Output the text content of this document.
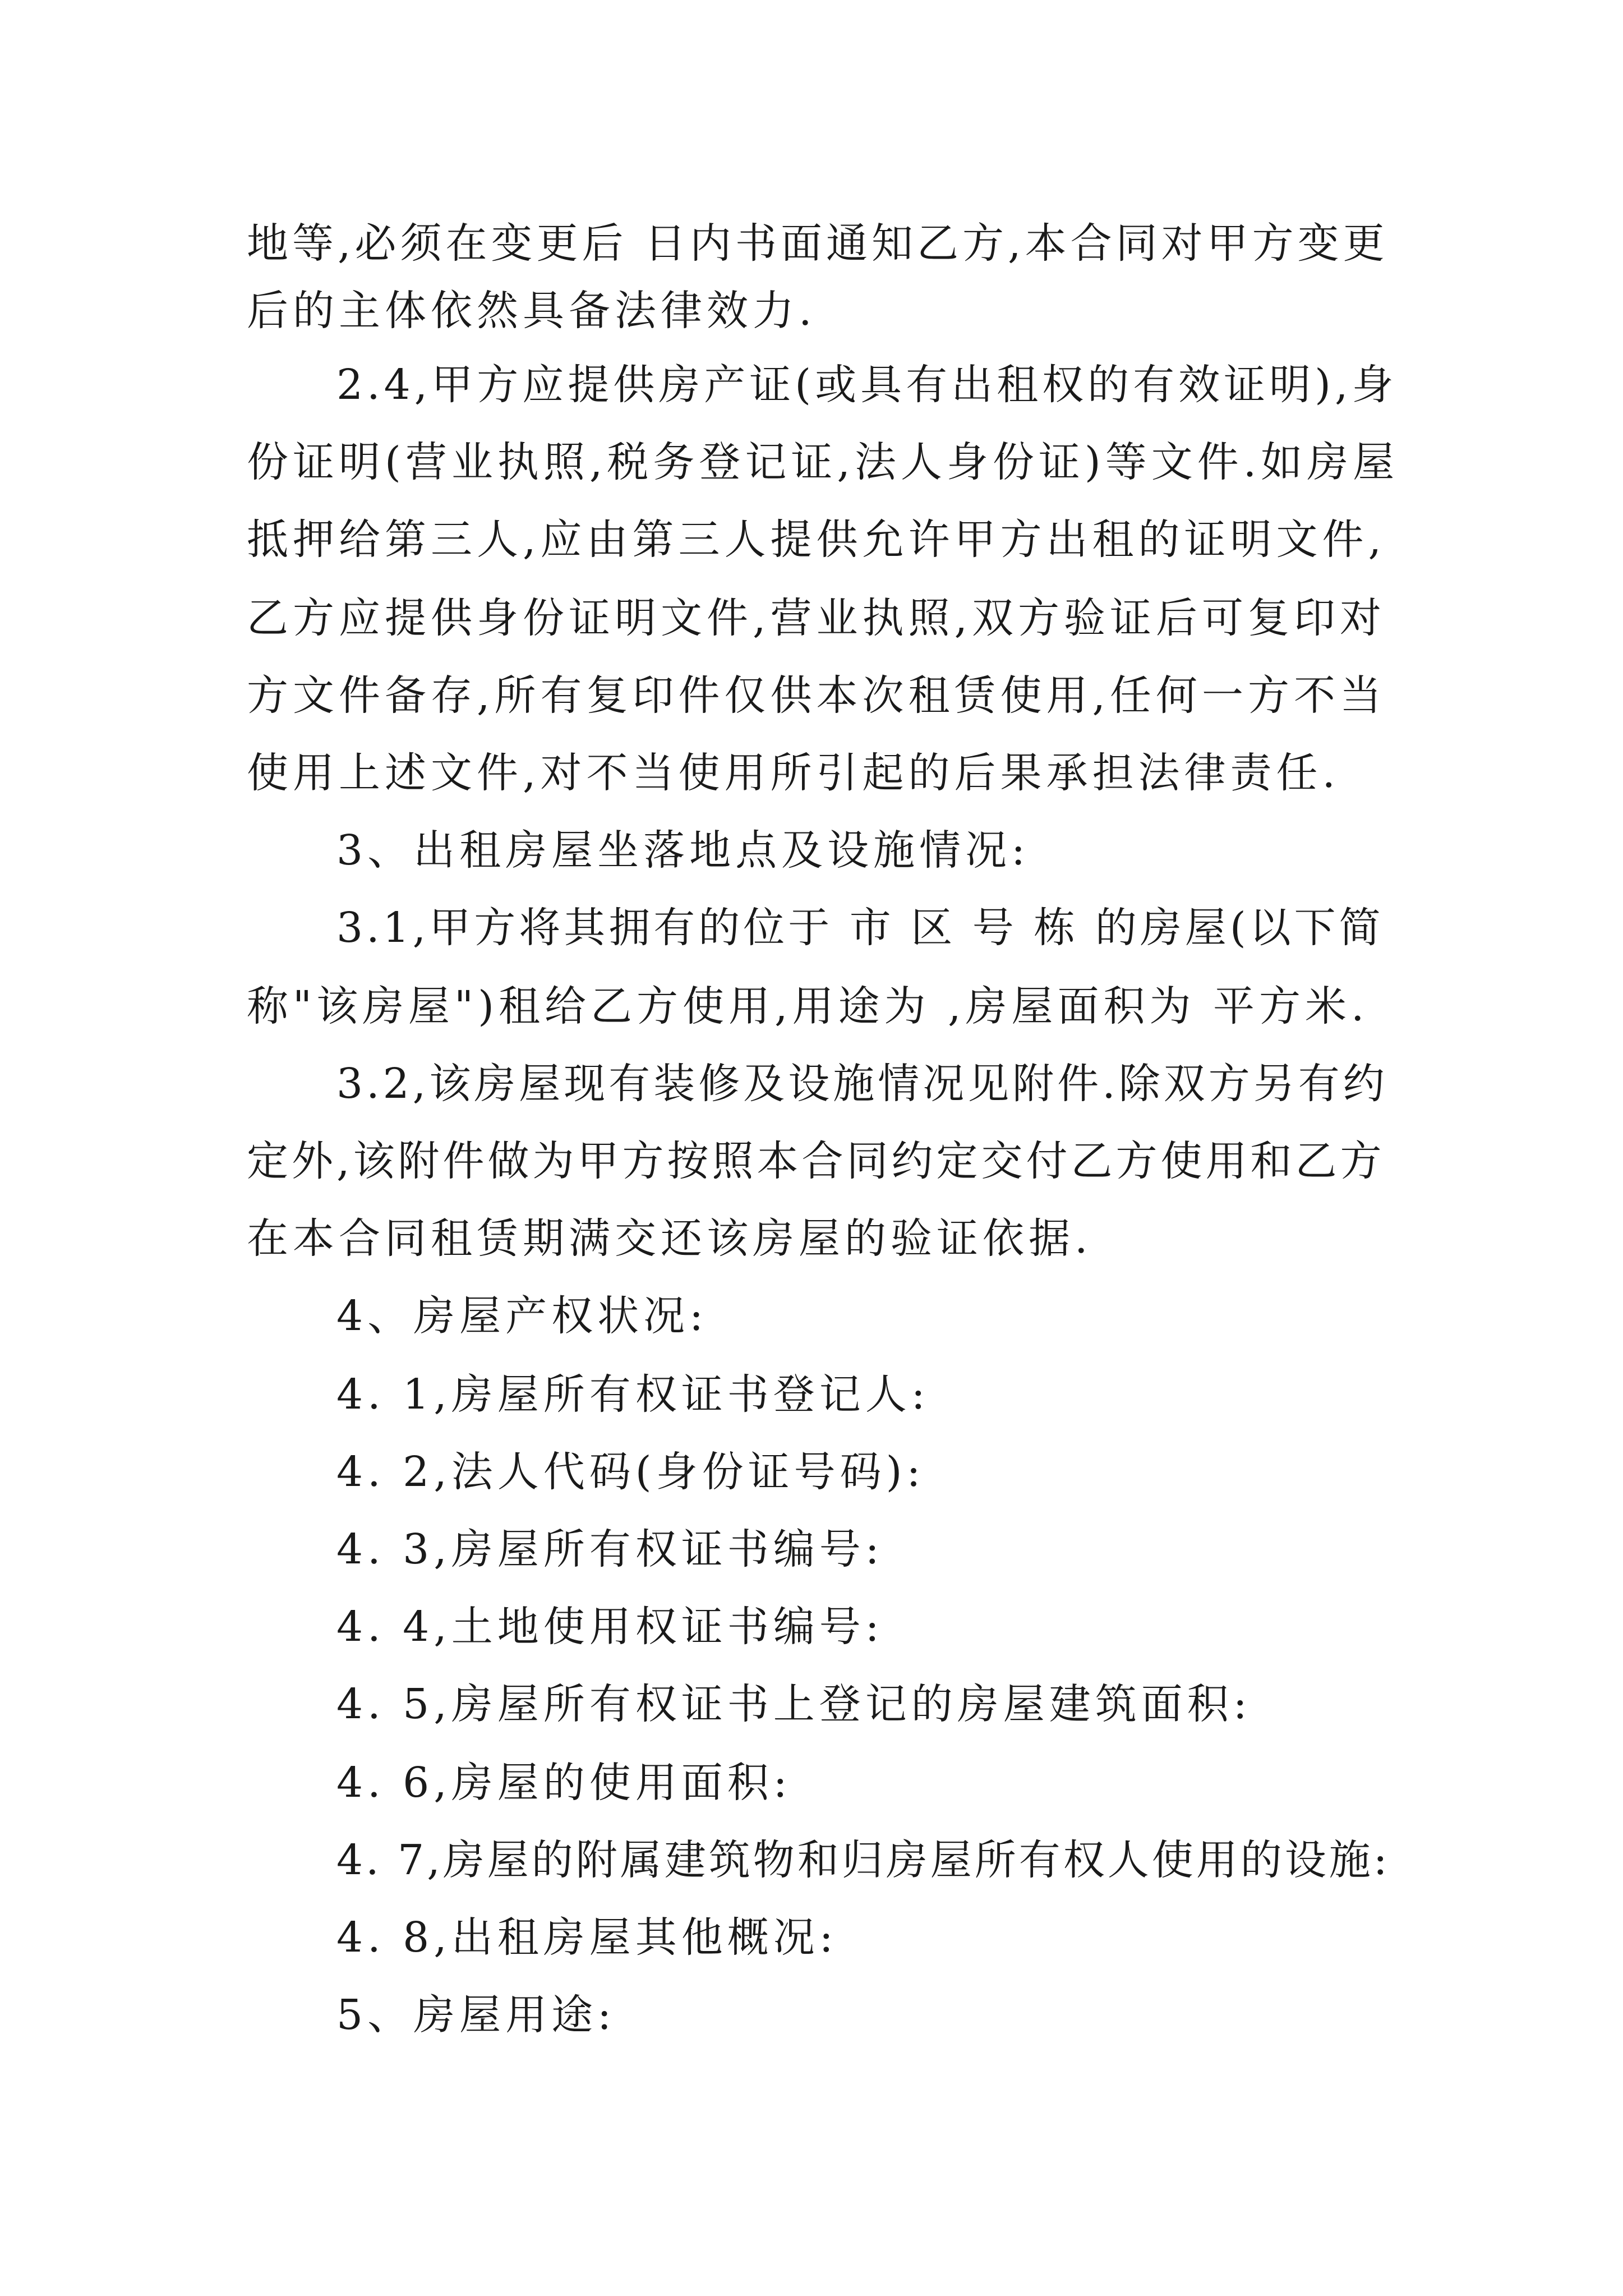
地等,必须在变更后 日内书面通知乙方,本合同对甲方变更
后的主体依然具备法律效力.
2.4,甲方应提供房产证(或具有出租权的有效证明),身
份证明(营业执照,税务登记证,法人身份证)等文件.如房屋
抵押给第三人,应由第三人提供允许甲方出租的证明文件,
乙方应提供身份证明文件,营业执照,双方验证后可复印对
方文件备存,所有复印件仅供本次租赁使用,任何一方不当
使用上述文件,对不当使用所引起的后果承担法律责任.
3、出租房屋坐落地点及设施情况:
3.1,甲方将其拥有的位于 市 区 号 栋 的房屋(以下简
称"该房屋")租给乙方使用,用途为 ,房屋面积为 平方米.
3.2,该房屋现有装修及设施情况见附件.除双方另有约
定外,该附件做为甲方按照本合同约定交付乙方使用和乙方
在本合同租赁期满交还该房屋的验证依据.
4、房屋产权状况:
4. 1,房屋所有权证书登记人:
4. 2,法人代码(身份证号码):
4. 3,房屋所有权证书编号:
4. 4,土地使用权证书编号:
4. 5,房屋所有权证书上登记的房屋建筑面积:
4. 6,房屋的使用面积:
4. 7,房屋的附属建筑物和归房屋所有权人使用的设施:
4. 8,出租房屋其他概况:
5、房屋用途:
